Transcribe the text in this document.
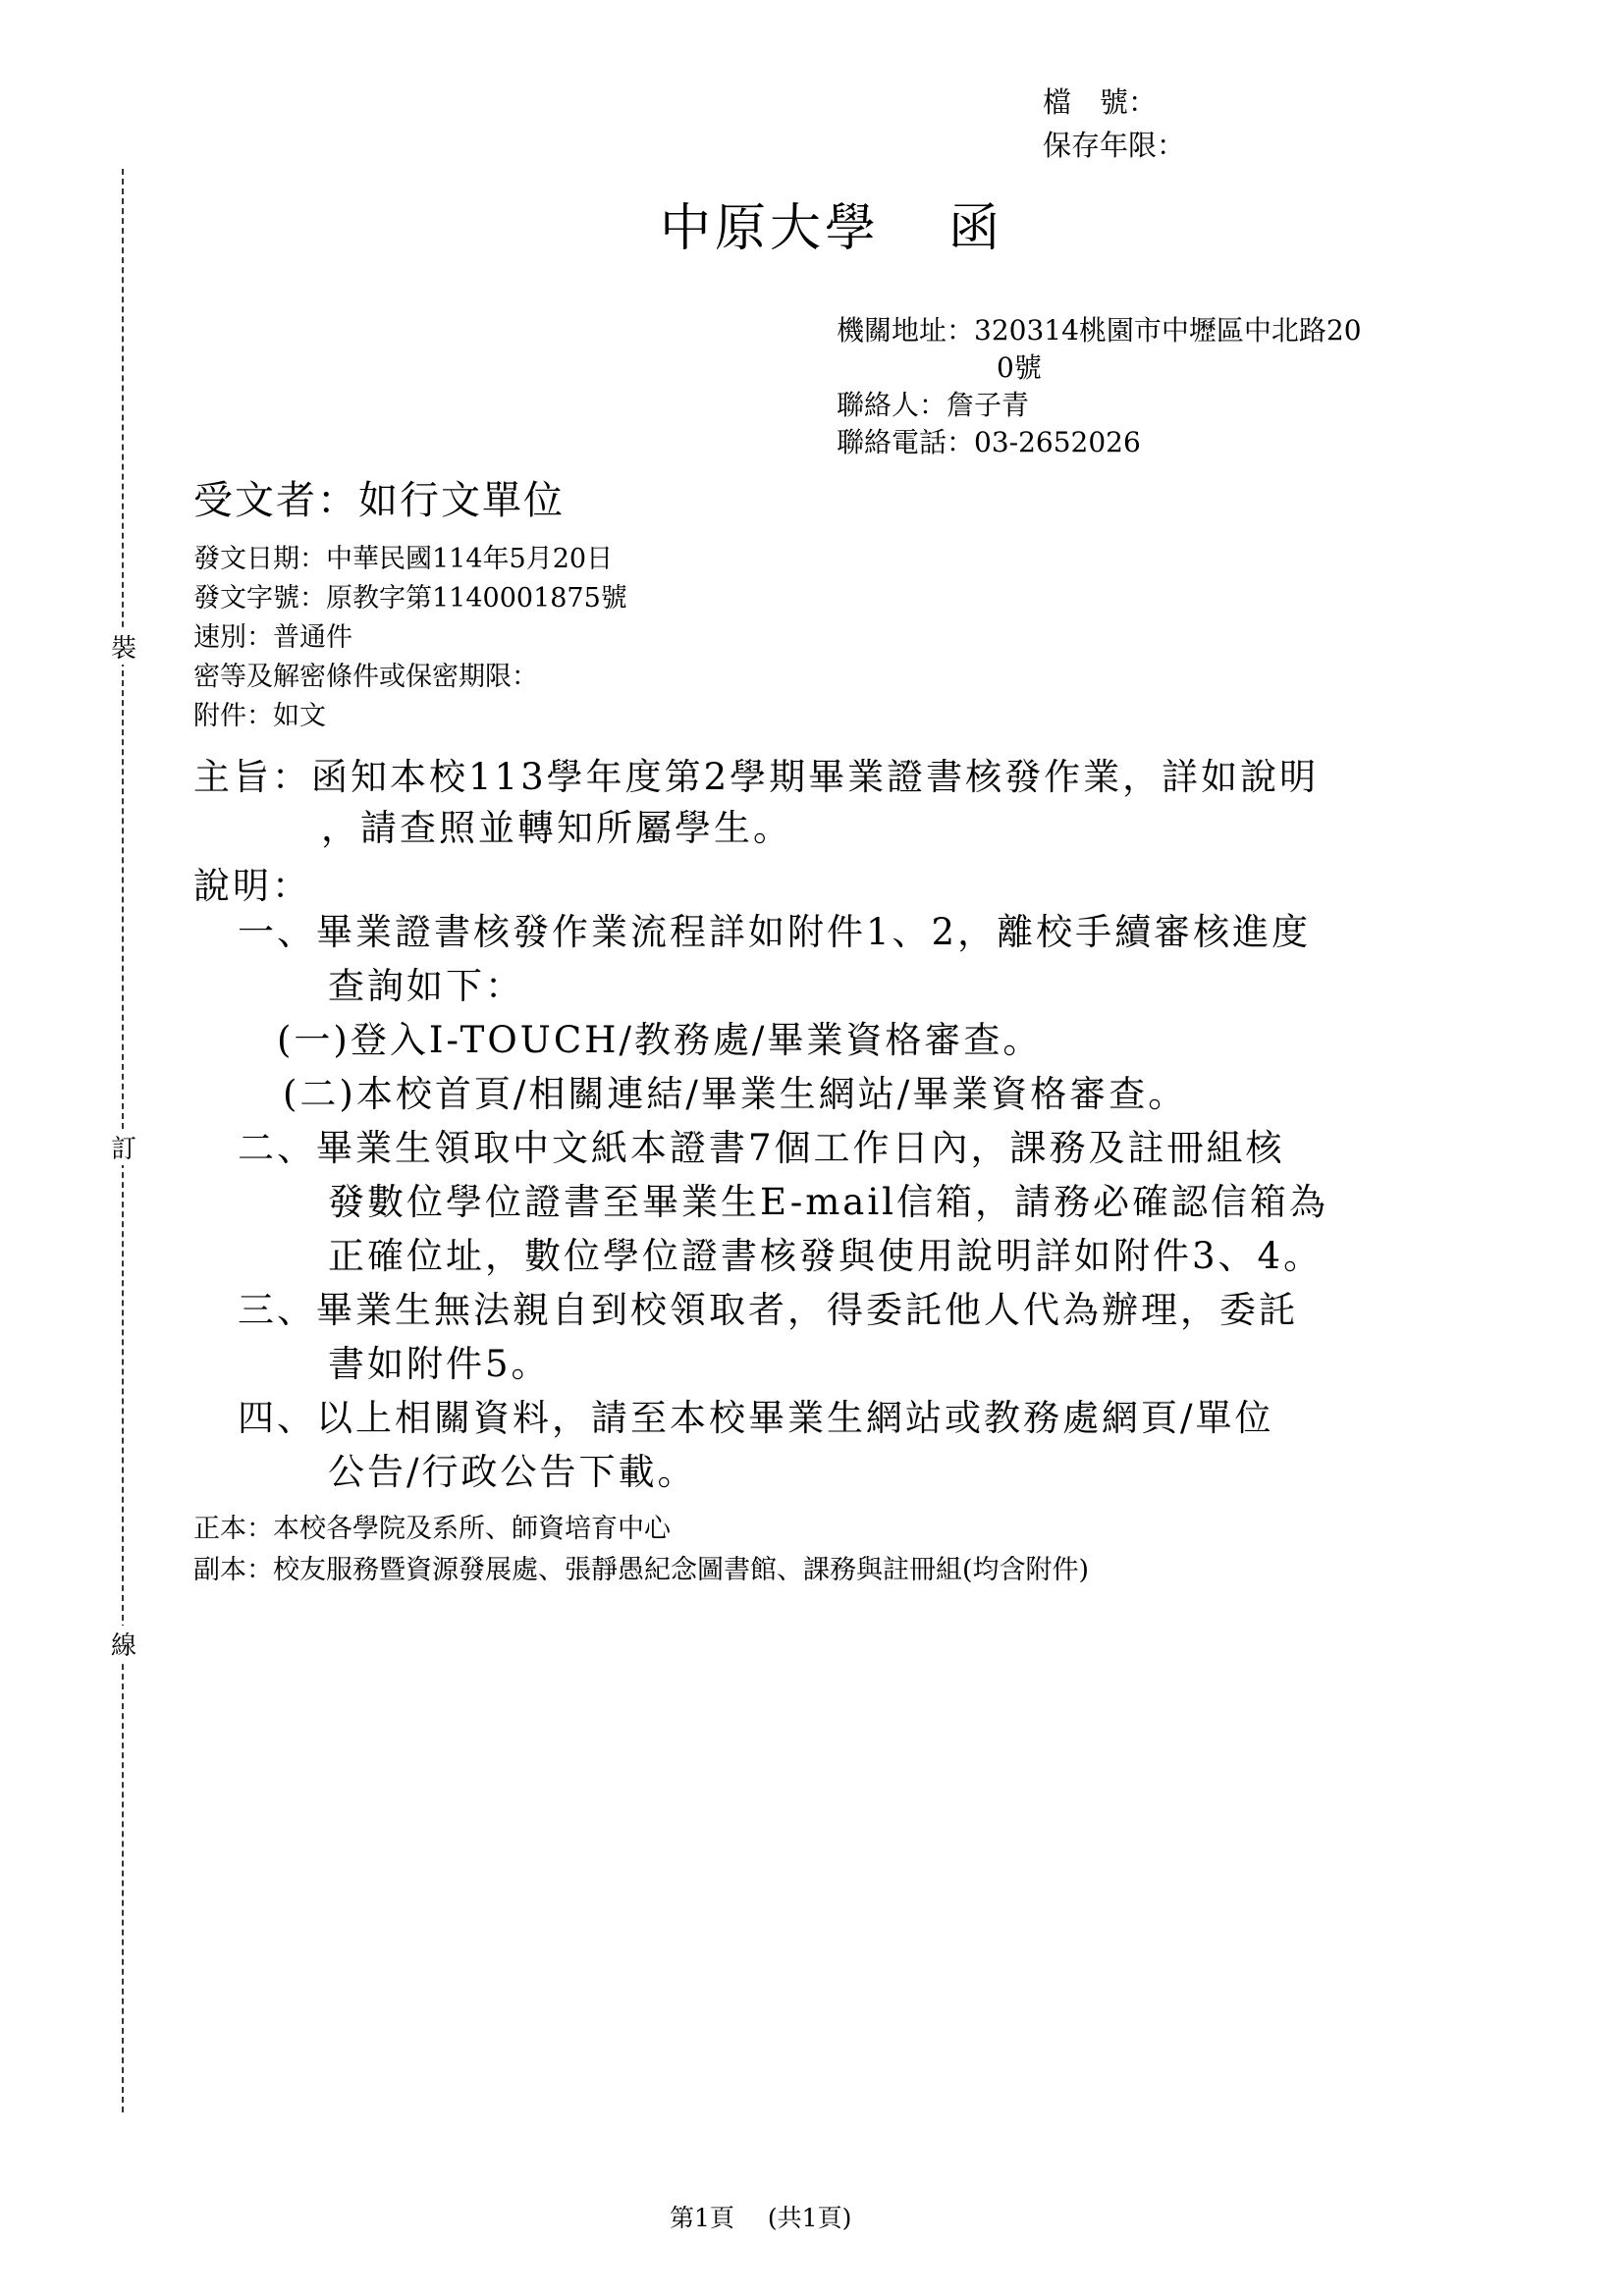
檔　號：
保存年限：
中原大學 函
機關地址：320314桃園市中壢區中北路20
0號
聯絡人：詹子青
聯絡電話：03-2652026
受文者：如行文單位
發文日期：中華民國114年5月20日
發文字號：原教字第1140001875號
速別：普通件
密等及解密條件或保密期限：
附件：如文
主旨：函知本校113學年度第2學期畢業證書核發作業，詳如說明
，請查照並轉知所屬學生。
說明：
一、畢業證書核發作業流程詳如附件1、2，離校手續審核進度
查詢如下：
(一)登入I-TOUCH/教務處/畢業資格審查。
(二)本校首頁/相關連結/畢業生網站/畢業資格審查。
二、畢業生領取中文紙本證書7個工作日內，課務及註冊組核
發數位學位證書至畢業生E-mail信箱，請務必確認信箱為
正確位址，數位學位證書核發與使用說明詳如附件3、4。
三、畢業生無法親自到校領取者，得委託他人代為辦理，委託
書如附件5。
四、以上相關資料，請至本校畢業生網站或教務處網頁/單位
公告/行政公告下載。
正本：本校各學院及系所、師資培育中心
副本：校友服務暨資源發展處、張靜愚紀念圖書館、課務與註冊組(均含附件)
裝
訂
線
第1頁 (共1頁)
